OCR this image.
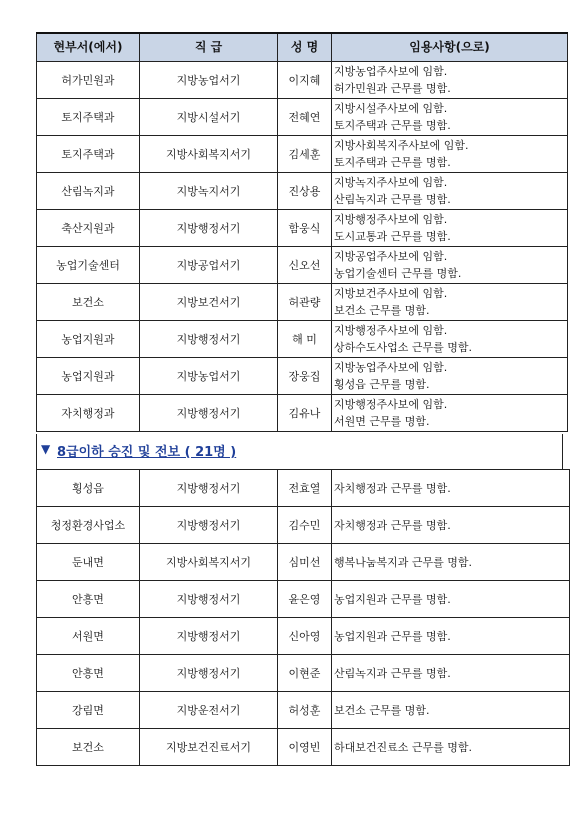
현부서(에서)	직 급	성 명	임용사항(으로)
허가민원과	지방농업서기	이지혜	지방농업주사보에 임함.
허가민원과 근무를 명함.

토지주택과	지방시설서기	전혜연	지방시설주사보에 임함.
토지주택과 근무를 명함.

토지주택과	지방사회복지서기	김세훈	지방사회복지주사보에 임함.
토지주택과 근무를 명함.

산림녹지과	지방녹지서기	진상용	지방녹지주사보에 임함.
산림녹지과 근무를 명함.

축산지원과	지방행정서기	함웅식	지방행정주사보에 임함.
도시교통과 근무를 명함.

농업기술센터	지방공업서기	신오선	지방공업주사보에 임함.
농업기술센터 근무를 명함.

보건소	지방보건서기	허관량	지방보건주사보에 임함.
보건소 근무를 명함.

농업지원과	지방행정서기	해 미	지방행정주사보에 임함.
상하수도사업소 근무를 명함.

농업지원과	지방농업서기	장웅집	지방농업주사보에 임함.
횡성읍 근무를 명함.

자치행정과	지방행정서기	김유나	지방행정주사보에 임함.
서원면 근무를 명함.
▼ 8급이하 승진 및 전보 ( 21명 )
횡성읍	지방행정서기	전효열	자치행정과 근무를 명함.
청정환경사업소	지방행정서기	김수민	자치행정과 근무를 명함.
둔내면	지방사회복지서기	심미선	행복나눔복지과 근무를 명함.
안흥면	지방행정서기	윤은영	농업지원과 근무를 명함.
서원면	지방행정서기	신아영	농업지원과 근무를 명함.
안흥면	지방행정서기	이현준	산림녹지과 근무를 명함.
강림면	지방운전서기	허성훈	보건소 근무를 명함.
보건소	지방보건진료서기	이영빈	하대보건진료소 근무를 명함.
